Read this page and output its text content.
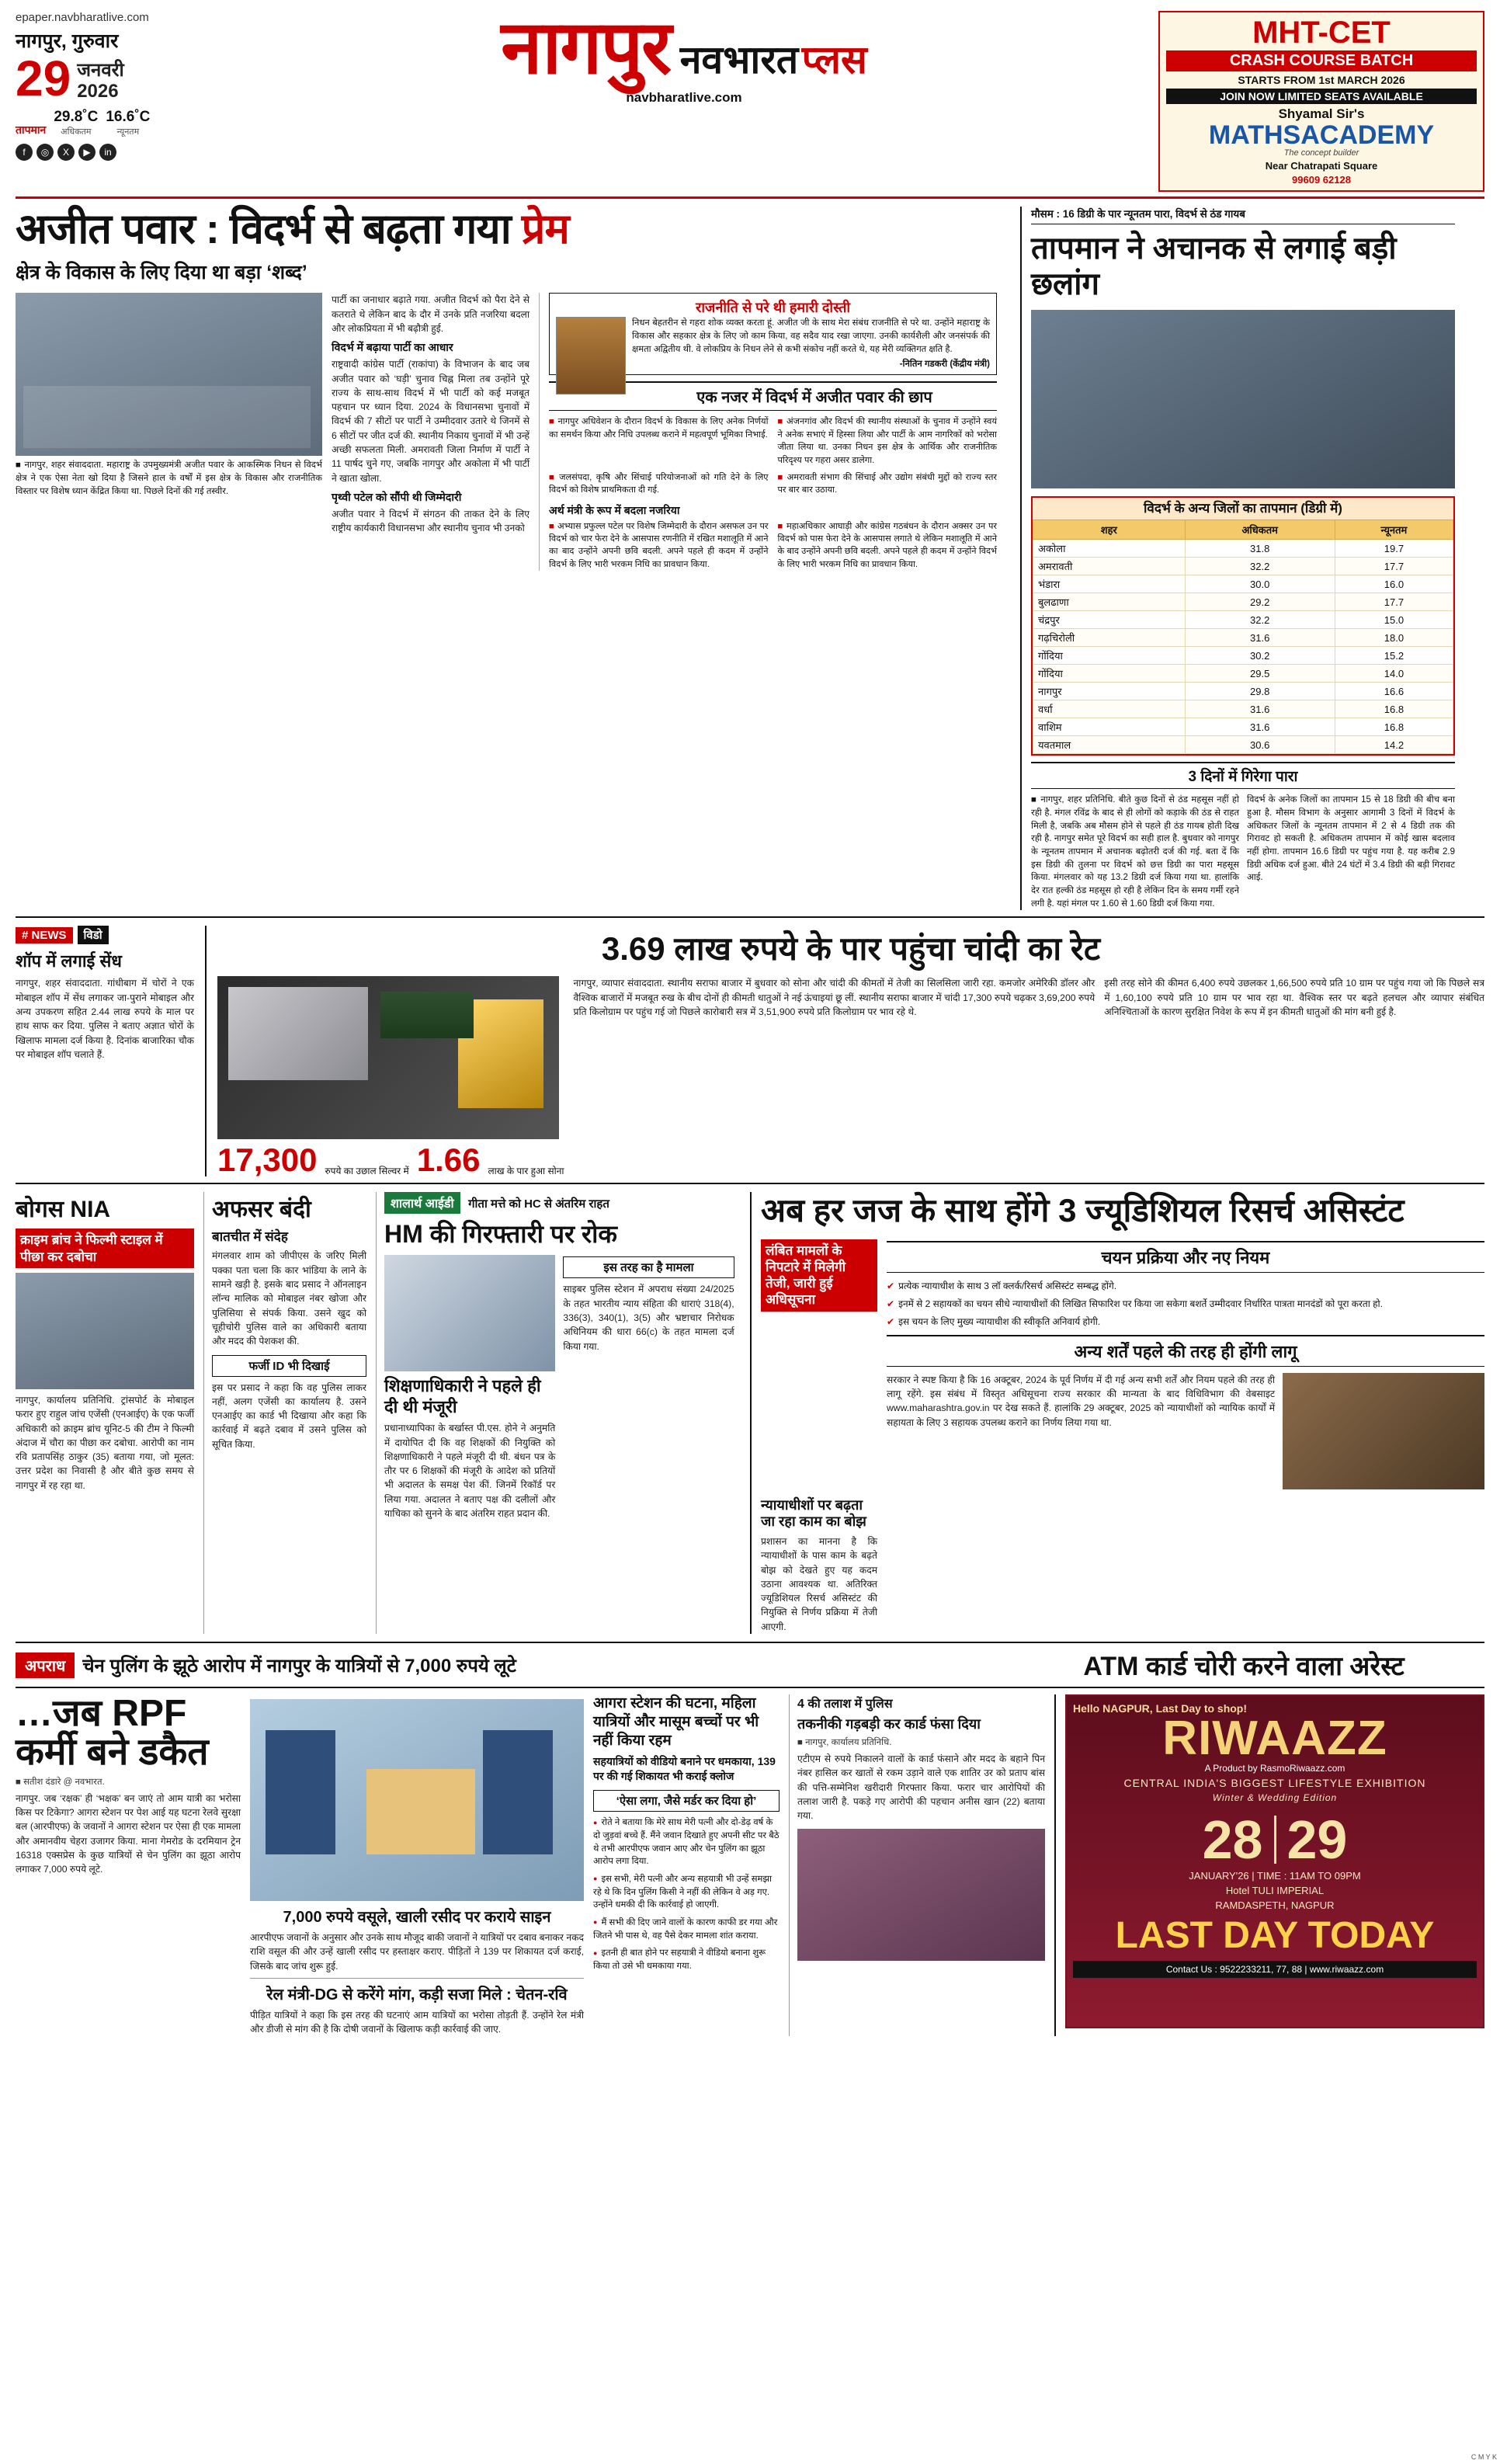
epaper.navbharatlive.com
नागपुर, गुरुवार
29 जनवरी
2026
तापमान
29.8˚C
अधिकतम
16.6˚C
न्यूनतम
f	◎	X	▶	in
नागपुर नवभारत प्लस
navbharatlive.com
MHT-CET
CRASH COURSE BATCH
STARTS FROM 1st MARCH 2026
JOIN NOW LIMITED SEATS AVAILABLE
Shyamal Sir's
MATHSACADEMY
The concept builder
Near Chatrapati Square
99609 62128
अजीत पवार : विदर्भ से बढ़ता गया प्रेम
क्षेत्र के विकास के लिए दिया था बड़ा ‘शब्द’
■ नागपुर, शहर संवाददाता. महाराष्ट्र के उपमुख्यमंत्री अजीत पवार के आकस्मिक निधन से विदर्भ क्षेत्र ने एक ऐसा नेता खो दिया है जिसने हाल के वर्षों में इस क्षेत्र के विकास और राजनीतिक विस्तार पर विशेष ध्यान केंद्रित किया था. पिछले दिनों की गई तस्वीर.
पार्टी का जनाधार बढ़ाते गया. अजीत विदर्भ को पैरा देने से कतराते थे लेकिन बाद के दौर में उनके प्रति नजरिया बदला और लोकप्रियता में भी बढ़ौत्री हुई.
विदर्भ में बढ़ाया पार्टी का आधार
राष्ट्रवादी कांग्रेस पार्टी (राकांपा) के विभाजन के बाद जब अजीत पवार को ‘घड़ी’ चुनाव चिह्न मिला तब उन्होंने पूरे राज्य के साथ-साथ विदर्भ में भी पार्टी को कई मजबूत पहचान पर ध्यान दिया. 2024 के विधानसभा चुनावों में विदर्भ की 7 सीटों पर पार्टी ने उम्मीदवार उतारे थे जिनमें से 6 सीटों पर जीत दर्ज की. स्थानीय निकाय चुनावों में भी उन्हें अच्छी सफलता मिली. अमरावती जिला निर्माण में पार्टी ने 11 पार्षद चुने गए, जबकि नागपुर और अकोला में भी पार्टी ने खाता खोला.
पृथ्वी पटेल को सौंपी थी जिम्मेदारी
अजीत पवार ने विदर्भ में संगठन की ताकत देने के लिए राष्ट्रीय कार्यकारी विधानसभा और स्थानीय चुनाव भी उनको
राजनीति से परे थी हमारी दोस्ती
निधन बेहतरीन से गहरा शोक व्यक्त करता हूं. अजीत जी के साथ मेरा संबंध राजनीति से परे था. उन्होंने महाराष्ट्र के विकास और सहकार क्षेत्र के लिए जो काम किया, वह सदैव याद रखा जाएगा. उनकी कार्यशैली और जनसंपर्क की क्षमता अद्वितीय थी. वे लोकप्रिय के निधन लेने से कभी संकोच नहीं करते थे, यह मेरी व्यक्तिगत क्षति है.
-नितिन गडकरी (केंद्रीय मंत्री)
एक नजर में विदर्भ में अजीत पवार की छाप
■ नागपुर अधिवेशन के दौरान विदर्भ के विकास के लिए अनेक निर्णयों का समर्थन किया और निधि उपलब्ध कराने में महत्वपूर्ण भूमिका निभाई.
■ अंजनगांव और विदर्भ की स्थानीय संस्थाओं के चुनाव में उन्होंने स्वयं ने अनेक सभाएं में हिस्सा लिया और पार्टी के आम नागरिकों को भरोसा जीता लिया था. उनका निधन इस क्षेत्र के आर्थिक और राजनीतिक परिदृश्य पर गहरा असर डालेगा.
■ जलसंपदा, कृषि और सिंचाई परियोजनाओं को गति देने के लिए विदर्भ को विशेष प्राथमिकता दी गई.
■ अमरावती संभाग की सिंचाई और उद्योग संबंधी मुद्दों को राज्य स्तर पर बार बार उठाया.
अर्थ मंत्री के रूप में बदला नजरिया
■ अभ्यास प्रफुल्ल पटेल पर विशेष जिम्मेदारी के दौरान असफल उन पर विदर्भ को चार फेरा देने के आसपास रणनीति में रखित मशालूति में आने का बाद उन्होंने अपनी छवि बदली. अपने पहले ही कदम में उन्होंने विदर्भ के लिए भारी भरकम निधि का प्रावधान किया.
■ महाअधिकार आघाड़ी और कांग्रेस गठबंधन के दौरान अक्सर उन पर विदर्भ को पास फेरा देने के आसपास लगाते थे लेकिन मशालूति में आने के बाद उन्होंने अपनी छवि बदली. अपने पहले ही कदम में उन्होंने विदर्भ के लिए भारी भरकम निधि का प्रावधान किया.
मौसम : 16 डिग्री के पार न्यूनतम पारा, विदर्भ से ठंड गायब
तापमान ने अचानक से लगाई बड़ी छलांग
विदर्भ के अन्य जिलों का तापमान (डिग्री में)
शहर	अधिकतम	न्यूनतम
अकोला	31.8	19.7
अमरावती	32.2	17.7
भंडारा	30.0	16.0
बुलढाणा	29.2	17.7
चंद्रपुर	32.2	15.0
गढ़चिरोली	31.6	18.0
गोंदिया	30.2	15.2
गोंदिया	29.5	14.0
नागपुर	29.8	16.6
वर्धा	31.6	16.8
वाशिम	31.6	16.8
यवतमाल	30.6	14.2
3 दिनों में गिरेगा पारा
■ नागपुर, शहर प्रतिनिधि. बीते कुछ दिनों से ठंड महसूस नहीं हो रही है. मंगल रविंद्र के बाद से ही लोगों को कड़ाके की ठंड से राहत मिली है, जबकि अब मौसम होने से पहले ही ठंड गायब होती दिख रही है. नागपुर समेत पूरे विदर्भ का सही हाल है. बुधवार को नागपुर के न्यूनतम तापमान में अचानक बढ़ोतरी दर्ज की गई. बता दें कि इस डिग्री की तुलना पर विदर्भ को छत्त डिग्री का पारा महसूस किया. मंगलवार को यह 13.2 डिग्री दर्ज किया गया था. हालांकि देर रात हल्की ठंड महसूस हो रही है लेकिन दिन के समय गर्मी रहने लगी है. यहां मंगल पर 1.60 से 1.60 डिग्री दर्ज किया गया.
विदर्भ के अनेक जिलों का तापमान 15 से 18 डिग्री की बीच बना हुआ है. मौसम विभाग के अनुसार आगामी 3 दिनों में विदर्भ के अधिकतर जिलों के न्यूनतम तापमान में 2 से 4 डिग्री तक की गिरावट हो सकती है. अधिकतम तापमान में कोई खास बदलाव नहीं होगा. तापमान 16.6 डिग्री पर पहुंच गया है. यह करीब 2.9 डिग्री अधिक दर्ज हुआ. बीते 24 घंटों में 3.4 डिग्री की बड़ी गिरावट आई.
# NEWS	विडो
शॉप में लगाई सेंध
नागपुर, शहर संवाददाता. गांधीबाग में चोरों ने एक मोबाइल शॉप में सेंध लगाकर जा-पुराने मोबाइल और अन्य उपकरण सहित 2.44 लाख रुपये के माल पर हाथ साफ कर दिया. पुलिस ने बताए अज्ञात चोरों के खिलाफ मामला दर्ज किया है. दिनांक बाजारिका चौक पर मोबाइल शॉप चलाते हैं.
3.69 लाख रुपये के पार पहुंचा चांदी का रेट
17,300 रुपये का उछाल सिल्वर में 1.66 लाख के पार हुआ सोना
नागपुर, व्यापार संवाददाता. स्थानीय सराफा बाजार में बुधवार को सोना और चांदी की कीमतों में तेजी का सिलसिला जारी रहा. कमजोर अमेरिकी डॉलर और वैश्विक बाजारों में मजबूत रुख के बीच दोनों ही कीमती धातुओं ने नई ऊंचाइयां छू लीं. स्थानीय सराफा बाजार में चांदी 17,300 रुपये चढ़कर 3,69,200 रुपये प्रति किलोग्राम पर पहुंच गई जो पिछले कारोबारी सत्र में 3,51,900 रुपये प्रति किलोग्राम पर भाव रहे थे.
इसी तरह सोने की कीमत 6,400 रुपये उछलकर 1,66,500 रुपये प्रति 10 ग्राम पर पहुंच गया जो कि पिछले सत्र में 1,60,100 रुपये प्रति 10 ग्राम पर भाव रहा था. वैश्विक स्तर पर बढ़ते हलचल और व्यापार संबंधित अनिश्चिताओं के कारण सुरक्षित निवेश के रूप में इन कीमती धातुओं की मांग बनी हुई है.
बोगस NIA
क्राइम ब्रांच ने फिल्मी स्टाइल में पीछा कर दबोचा
नागपुर, कार्यालय प्रतिनिधि. ट्रांसपोर्ट के मोबाइल फरार हुए राहुल जांच एजेंसी (एनआईए) के एक फर्जी अधिकारी को क्राइम ब्रांच यूनिट-5 की टीम ने फिल्मी अंदाज में चौरा का पीछा कर दबोचा. आरोपी का नाम रवि प्रतापसिंह ठाकुर (35) बताया गया, जो मूलत: उत्तर प्रदेश का निवासी है और बीते कुछ समय से नागपुर में रह रहा था.
अफसर बंदी
बातचीत में संदेह
मंगलवार शाम को जीपीएस के जरिए मिली पक्का पता चला कि कार भांडिया के लाने के सामने खड़ी है. इसके बाद प्रसाद ने ऑनलाइन लॉन्च मालिक को मोबाइल नंबर खोजा और पुलिसिया से संपर्क किया. उसने खुद को चूहीचोरी पुलिस वाले का अधिकारी बताया और मदद की पेशकश की.
फर्जी ID भी दिखाई
इस पर प्रसाद ने कहा कि वह पुलिस लाकर नहीं, अलग एजेंसी का कार्यालय है. उसने एनआईए का कार्ड भी दिखाया और कहा कि कार्रवाई में बढ़ते दबाव में उसने पुलिस को सूचित किया.
शालार्थ आईडी गीता मत्ते को HC से अंतरिम राहत
HM की गिरफ्तारी पर रोक
शिक्षणाधिकारी ने पहले ही दी थी मंजूरी
प्रधानाध्यापिका के बर्खास्त पी.एस. होने ने अनुमति में दायोपित दी कि वह शिक्षकों की नियुक्ति को शिक्षणाधिकारी ने पहले मंजूरी दी थी. बंधन पत्र के तौर पर 6 शिक्षकों की मंजूरी के आदेश को प्रतियों भी अदालत के समक्ष पेश कीं. जिनमें रिकॉर्ड पर लिया गया. अदालत ने बताए पक्ष की दलीलों और याचिका को सुनने के बाद अंतरिम राहत प्रदान की.
इस तरह का है मामला
साइबर पुलिस स्टेशन में अपराध संख्या 24/2025 के तहत भारतीय न्याय संहिता की धाराएं 318(4), 336(3), 340(1), 3(5) और भ्रष्टाचार निरोधक अधिनियम की धारा 66(c) के तहत मामला दर्ज किया गया.
अब हर जज के साथ होंगे 3 ज्यूडिशियल रिसर्च असिस्टंट
लंबित मामलों के निपटारे में मिलेगी तेजी, जारी हुई अधिसूचना
चयन प्रक्रिया और नए नियम
✔ प्रत्येक न्यायाधीश के साथ 3 लॉ क्लर्क/रिसर्च असिस्टंट सम्बद्ध होंगे.
✔ इनमें से 2 सहायकों का चयन सीधे न्यायाधीशों की लिखित सिफारिश पर किया जा सकेगा बशर्ते उम्मीदवार निर्धारित पात्रता मानदंडों को पूरा करता हो.
✔ इस चयन के लिए मुख्य न्यायाधीश की स्वीकृति अनिवार्य होगी.
अन्य शर्तें पहले की तरह ही होंगी लागू
सरकार ने स्पष्ट किया है कि 16 अक्टूबर, 2024 के पूर्व निर्णय में दी गई अन्य सभी शर्तें और नियम पहले की तरह ही लागू रहेंगे. इस संबंध में विस्तृत अधिसूचना राज्य सरकार की मान्यता के बाद विधिविभाग की वेबसाइट www.maharashtra.gov.in पर देख सकते हैं. हालांकि 29 अक्टूबर, 2025 को न्यायाधीशों को न्यायिक कार्यों में सहायता के लिए 3 सहायक उपलब्ध कराने का निर्णय लिया गया था.
न्यायाधीशों पर बढ़ता जा रहा काम का बोझ
प्रशासन का मानना है कि न्यायाधीशों के पास काम के बढ़ते बोझ को देखते हुए यह कदम उठाना आवश्यक था. अतिरिक्त ज्यूडिशियल रिसर्च असिस्टंट की नियुक्ति से निर्णय प्रक्रिया में तेजी आएगी.
अपराध चेन पुलिंग के झूठे आरोप में नागपुर के यात्रियों से 7,000 रुपये लूटे	ATM कार्ड चोरी करने वाला अरेस्ट
…जब RPF कर्मी बने डकैत
■ सतीश दंडारे @ नवभारत.
नागपुर. जब ‘रक्षक’ ही ‘भक्षक’ बन जाएं तो आम यात्री का भरोसा किस पर टिकेगा? आगरा स्टेशन पर पेश आई यह घटना रेलवे सुरक्षा बल (आरपीएफ) के जवानों ने आगरा स्टेशन पर ऐसा ही एक मामला और अमानवीय चेहरा उजागर किया. माना गेमरोड के दरमियान ट्रेन 16318 एक्सप्रेस के कुछ यात्रियों से चेन पुलिंग का झूठा आरोप लगाकर 7,000 रुपये लूटे.
7,000 रुपये वसूले, खाली रसीद पर कराये साइन
आरपीएफ जवानों के अनुसार और उनके साथ मौजूद बाकी जवानों ने यात्रियों पर दबाव बनाकर नकद राशि वसूल की और उन्हें खाली रसीद पर हस्ताक्षर कराए. पीड़ितों ने 139 पर शिकायत दर्ज कराई, जिसके बाद जांच शुरू हुई.
रेल मंत्री-DG से करेंगे मांग, कड़ी सजा मिले : चेतन-रवि
पीड़ित यात्रियों ने कहा कि इस तरह की घटनाएं आम यात्रियों का भरोसा तोड़ती हैं. उन्होंने रेल मंत्री और डीजी से मांग की है कि दोषी जवानों के खिलाफ कड़ी कार्रवाई की जाए.
आगरा स्टेशन की घटना, महिला यात्रियों और मासूम बच्चों पर भी नहीं किया रहम
सहयात्रियों को वीडियो बनाने पर धमकाया, 139 पर की गई शिकायत भी कराई क्लोज
‘ऐसा लगा, जैसे मर्डर कर दिया हो’
● रोते ने बताया कि मेरे साथ मेरी पत्नी और दो-डेढ़ वर्ष के दो जुड़वां बच्चे हैं. मैंने जवान दिखाते हुए अपनी सीट पर बैठे थे तभी आरपीएफ जवान आए और चेन पुलिंग का झूठा आरोप लगा दिया.
● इस सभी, मेरी पत्नी और अन्य सहयात्री भी उन्हें समझा रहे थे कि दिन पुलिंग किसी ने नहीं की लेकिन वे अड़ गए. उन्होंने धमकी दी कि कार्रवाई हो जाएगी.
● मैं सभी की दिए जाने वालों के कारण काफी डर गया और जितने भी पास थे, वह पैसे देकर मामला शांत कराया.
● इतनी ही बात होने पर सहयात्री ने वीडियो बनाना शुरू किया तो उसे भी धमकाया गया.
4 की तलाश में पुलिस
तकनीकी गड़बड़ी कर कार्ड फंसा दिया
■ नागपुर, कार्यालय प्रतिनिधि.
एटीएम से रुपये निकालने वालों के कार्ड फंसाने और मदद के बहाने पिन नंबर हासिल कर खातों से रकम उड़ाने वाले एक शातिर उर ​को प्रताप बांस की पत्ति-सम्मेनिश खरीदारी गिरफ्तार किया. फरार चार आरोपियों की तलाश जारी है. पकड़े गए आरोपी की पहचान अनीस खान (22) बताया गया.
Hello NAGPUR, Last Day to shop!
RIWAAZZ
A Product by RasmoRiwaazz.com
CENTRAL INDIA'S BIGGEST LIFESTYLE EXHIBITION
Winter & Wedding Edition
28 29
JANUARY'26 | TIME : 11AM TO 09PM
Hotel TULI IMPERIAL
RAMDASPETH, NAGPUR
LAST DAY TODAY
Contact Us : 9522233211, 77, 88 | www.riwaazz.com
C M Y K
